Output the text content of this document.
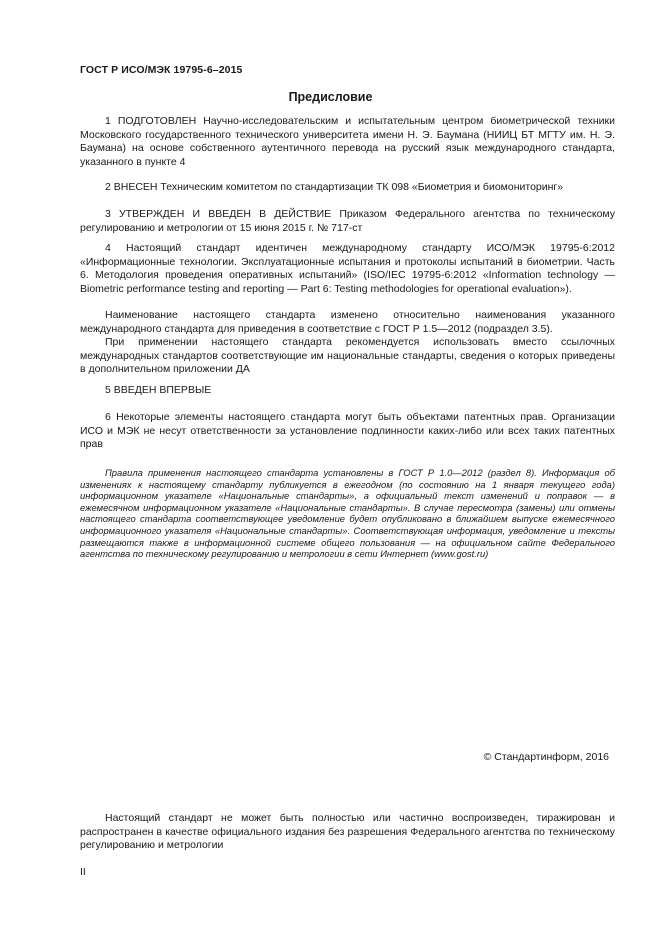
ГОСТ Р ИСО/МЭК 19795-6–2015
Предисловие

1 ПОДГОТОВЛЕН Научно-исследовательским и испытательным центром биометрической техники Московского государственного технического университета имени Н. Э. Баумана (НИИЦ БТ МГТУ им. Н. Э. Баумана) на основе собственного аутентичного перевода на русский язык международного стандарта, указанного в пункте 4

2 ВНЕСЕН Техническим комитетом по стандартизации ТК 098 «Биометрия и биомониторинг»

3 УТВЕРЖДЕН И ВВЕДЕН В ДЕЙСТВИЕ Приказом Федерального агентства по техническому регулированию и метрологии от 15 июня 2015 г. № 717-ст

4 Настоящий стандарт идентичен международному стандарту ИСО/МЭК 19795-6:2012 «Информационные технологии. Эксплуатационные испытания и протоколы испытаний в биометрии. Часть 6. Методология проведения оперативных испытаний» (ISO/IEC 19795-6:2012 «Information technology — Biometric performance testing and reporting — Part 6: Testing methodologies for operational evaluation»).

Наименование настоящего стандарта изменено относительно наименования указанного международного стандарта для приведения в соответствие с ГОСТ Р 1.5—2012 (подраздел 3.5).

При применении настоящего стандарта рекомендуется использовать вместо ссылочных международных стандартов соответствующие им национальные стандарты, сведения о которых приведены в дополнительном приложении ДА

5 ВВЕДЕН ВПЕРВЫЕ

6 Некоторые элементы настоящего стандарта могут быть объектами патентных прав. Организации ИСО и МЭК не несут ответственности за установление подлинности каких-либо или всех таких патентных прав

Правила применения настоящего стандарта установлены в ГОСТ Р 1.0—2012 (раздел 8). Информация об изменениях к настоящему стандарту публикуется в ежегодном (по состоянию на 1 января текущего года) информационном указателе «Национальные стандарты», а официальный текст изменений и поправок — в ежемесячном информационном указателе «Национальные стандарты». В случае пересмотра (замены) или отмены настоящего стандарта соответствующее уведомление будет опубликовано в ближайшем выпуске ежемесячного информационного указателя «Национальные стандарты». Соответствующая информация, уведомление и тексты размещаются также в информационной системе общего пользования — на официальном сайте Федерального агентства по техническому регулированию и метрологии в сети Интернет (www.gost.ru)

© Стандартинформ, 2016

Настоящий стандарт не может быть полностью или частично воспроизведен, тиражирован и распространен в качестве официального издания без разрешения Федерального агентства по техническому регулированию и метрологии

II
